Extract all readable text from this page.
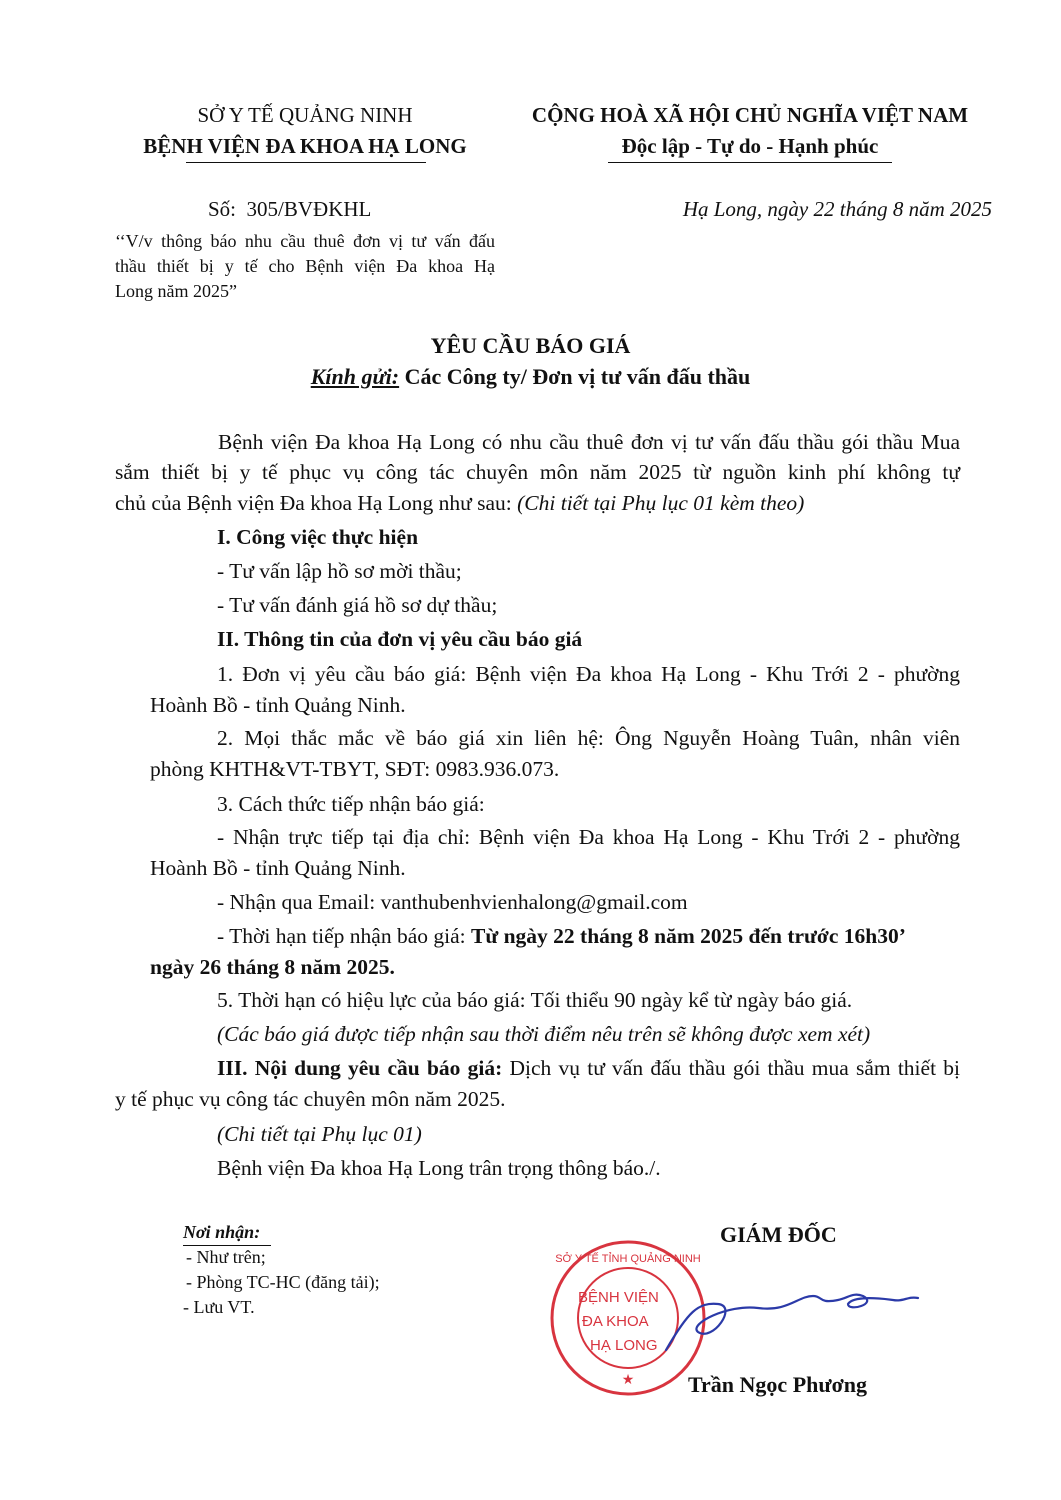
SỞ Y TẾ QUẢNG NINH
BỆNH VIỆN ĐA KHOA HẠ LONG
CỘNG HOÀ XÃ HỘI CHỦ NGHĨA VIỆT NAM
Độc lập - Tự do - Hạnh phúc
Số: 305/BVĐKHL	Hạ Long, ngày 22 tháng 8 năm 2025
‘‘V/v thông báo nhu cầu thuê đơn vị tư vấn đấu
thầu thiết bị y tế cho Bệnh viện Đa khoa Hạ
Long năm 2025”
YÊU CẦU BÁO GIÁ
Kính gửi: Các Công ty/ Đơn vị tư vấn đấu thầu
Bệnh viện Đa khoa Hạ Long có nhu cầu thuê đơn vị tư vấn đấu thầu gói thầu Mua
sắm thiết bị y tế phục vụ công tác chuyên môn năm 2025 từ nguồn kinh phí không tự
chủ của Bệnh viện Đa khoa Hạ Long như sau: (Chi tiết tại Phụ lục 01 kèm theo)
I. Công việc thực hiện
- Tư vấn lập hồ sơ mời thầu;
- Tư vấn đánh giá hồ sơ dự thầu;
II. Thông tin của đơn vị yêu cầu báo giá
1. Đơn vị yêu cầu báo giá: Bệnh viện Đa khoa Hạ Long - Khu Trới 2 - phường
Hoành Bồ - tỉnh Quảng Ninh.
2. Mọi thắc mắc về báo giá xin liên hệ: Ông Nguyễn Hoàng Tuân, nhân viên
phòng KHTH&VT-TBYT, SĐT: 0983.936.073.
3. Cách thức tiếp nhận báo giá:
- Nhận trực tiếp tại địa chỉ: Bệnh viện Đa khoa Hạ Long - Khu Trới 2 - phường
Hoành Bồ - tỉnh Quảng Ninh.
- Nhận qua Email: vanthubenhvienhalong@gmail.com
- Thời hạn tiếp nhận báo giá: Từ ngày 22 tháng 8 năm 2025 đến trước 16h30’
ngày 26 tháng 8 năm 2025.
5. Thời hạn có hiệu lực của báo giá: Tối thiểu 90 ngày kể từ ngày báo giá.
(Các báo giá được tiếp nhận sau thời điểm nêu trên sẽ không được xem xét)
III. Nội dung yêu cầu báo giá: Dịch vụ tư vấn đấu thầu gói thầu mua sắm thiết bị
y tế phục vụ công tác chuyên môn năm 2025.
(Chi tiết tại Phụ lục 01)
Bệnh viện Đa khoa Hạ Long trân trọng thông báo./.
Nơi nhận:
- Như trên;
- Phòng TC-HC (đăng tải);
- Lưu VT.
GIÁM ĐỐC
BỆNH VIỆN
ĐA KHOA
HẠ LONG
SỞ Y TẾ TỈNH QUẢNG NINH
★ Trần Ngọc Phương
